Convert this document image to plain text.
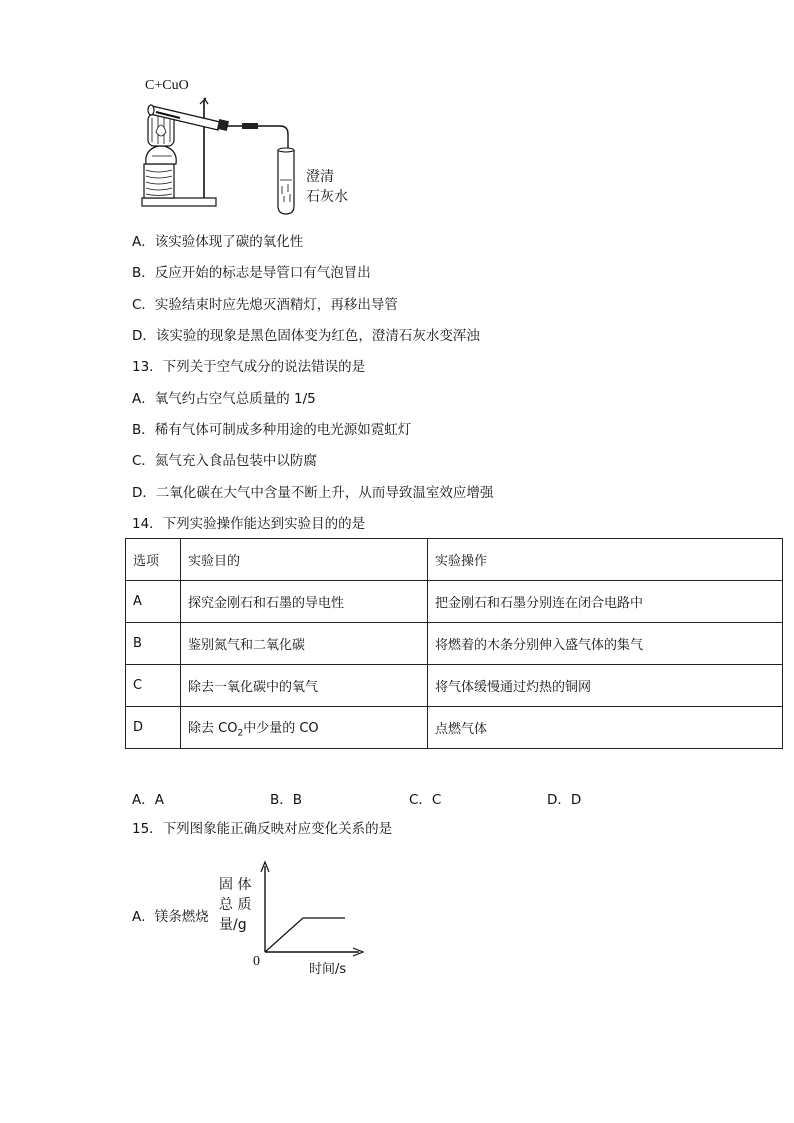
C+CuO
澄清
石灰水
A．该实验体现了碳的氧化性
B．反应开始的标志是导管口有气泡冒出
C．实验结束时应先熄灭酒精灯，再移出导管
D．该实验的现象是黑色固体变为红色，澄清石灰水变浑浊
13．下列关于空气成分的说法错误的是
A．氧气约占空气总质量的 1/5
B．稀有气体可制成多种用途的电光源如霓虹灯
C．氮气充入食品包装中以防腐
D．二氧化碳在大气中含量不断上升，从而导致温室效应增强
14．下列实验操作能达到实验目的的是
选项	实验目的	实验操作
A	探究金刚石和石墨的导电性	把金刚石和石墨分别连在闭合电路中
B	鉴别氮气和二氧化碳	将燃着的木条分别伸入盛气体的集气
C	除去一氧化碳中的氧气	将气体缓慢通过灼热的铜网
D	除去 $CO_2$中少量的 CO	点燃气体
A．A	B．B	C．C	D．D
15．下列图象能正确反映对应变化关系的是
A．镁条燃烧
固 体
总 质
量/g
0
时间/s
